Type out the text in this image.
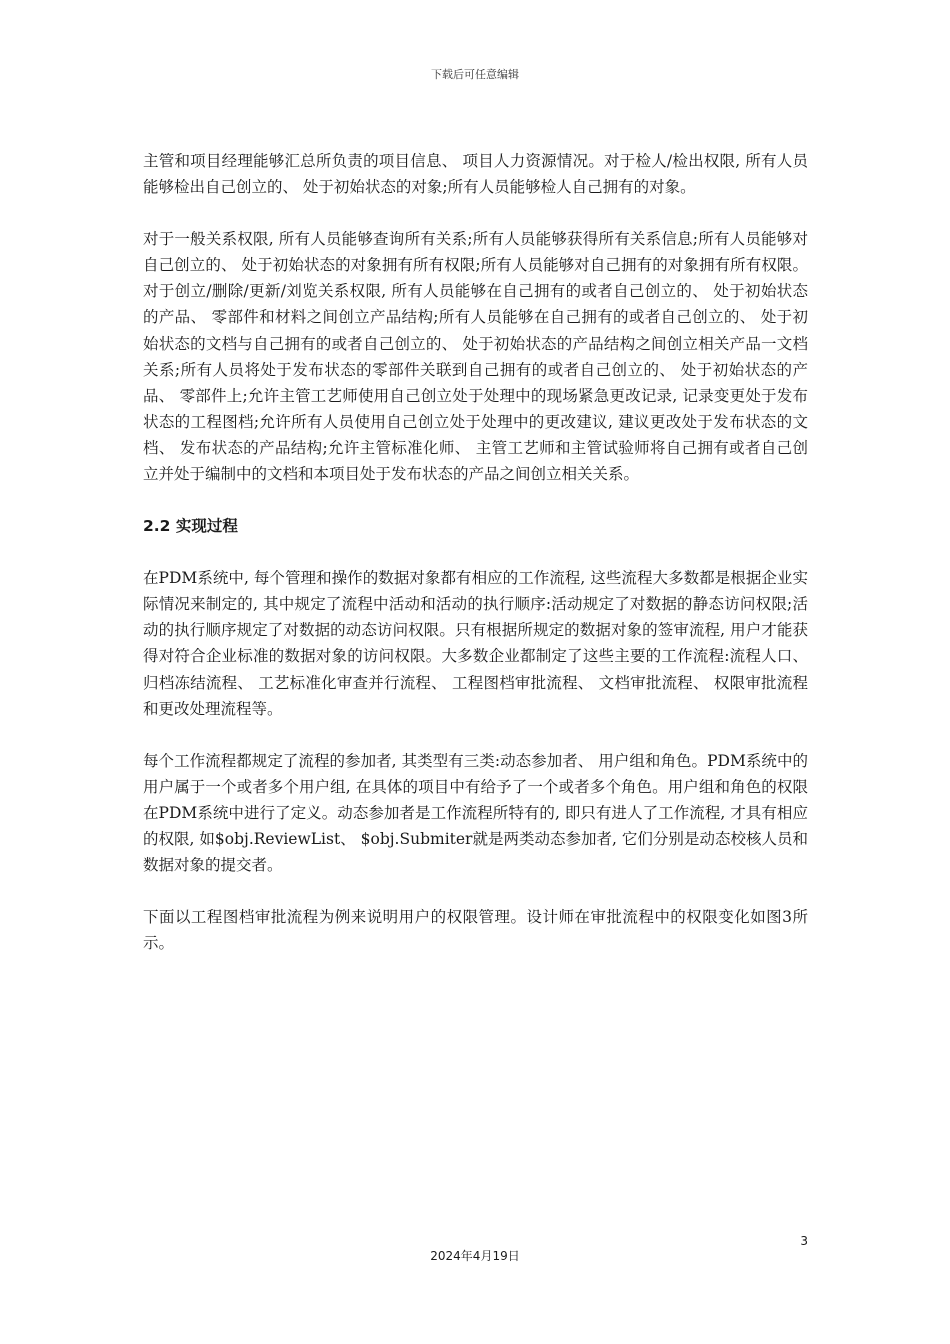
下载后可任意编辑

主管和项目经理能够汇总所负责的项目信息、 项目人力资源情况。对于检人/检出权限, 所有人员能够检出自己创立的、 处于初始状态的对象;所有人员能够检人自己拥有的对象。

对于一般关系权限, 所有人员能够查询所有关系;所有人员能够获得所有关系信息;所有人员能够对自己创立的、 处于初始状态的对象拥有所有权限;所有人员能够对自己拥有的对象拥有所有权限。对于创立/删除/更新/刘览关系权限, 所有人员能够在自己拥有的或者自己创立的、 处于初始状态的产品、 零部件和材料之间创立产品结构;所有人员能够在自己拥有的或者自己创立的、 处于初始状态的文档与自己拥有的或者自己创立的、 处于初始状态的产品结构之间创立相关产品一文档关系;所有人员将处于发布状态的零部件关联到自己拥有的或者自己创立的、 处于初始状态的产品、 零部件上;允许主管工艺师使用自己创立处于处理中的现场紧急更改记录, 记录变更处于发布状态的工程图档;允许所有人员使用自己创立处于处理中的更改建议, 建议更改处于发布状态的文档、 发布状态的产品结构;允许主管标准化师、 主管工艺师和主管试验师将自己拥有或者自己创立并处于编制中的文档和本项目处于发布状态的产品之间创立相关关系。

2.2 实现过程

在PDM系统中, 每个管理和操作的数据对象都有相应的工作流程, 这些流程大多数都是根据企业实际情况来制定的, 其中规定了流程中活动和活动的执行顺序:活动规定了对数据的静态访问权限;活动的执行顺序规定了对数据的动态访问权限。只有根据所规定的数据对象的签审流程, 用户才能获得对符合企业标准的数据对象的访问权限。大多数企业都制定了这些主要的工作流程:流程人口、 归档冻结流程、 工艺标准化审查并行流程、 工程图档审批流程、 文档审批流程、 权限审批流程和更改处理流程等。

每个工作流程都规定了流程的参加者, 其类型有三类:动态参加者、 用户组和角色。PDM系统中的用户属于一个或者多个用户组, 在具体的项目中有给予了一个或者多个角色。用户组和角色的权限在PDM系统中进行了定义。动态参加者是工作流程所特有的, 即只有进人了工作流程, 才具有相应的权限, 如$obj.ReviewList、 $obj.Submiter就是两类动态参加者, 它们分别是动态校核人员和数据对象的提交者。

下面以工程图档审批流程为例来说明用户的权限管理。设计师在审批流程中的权限变化如图3所示。

3
2024年4月19日
